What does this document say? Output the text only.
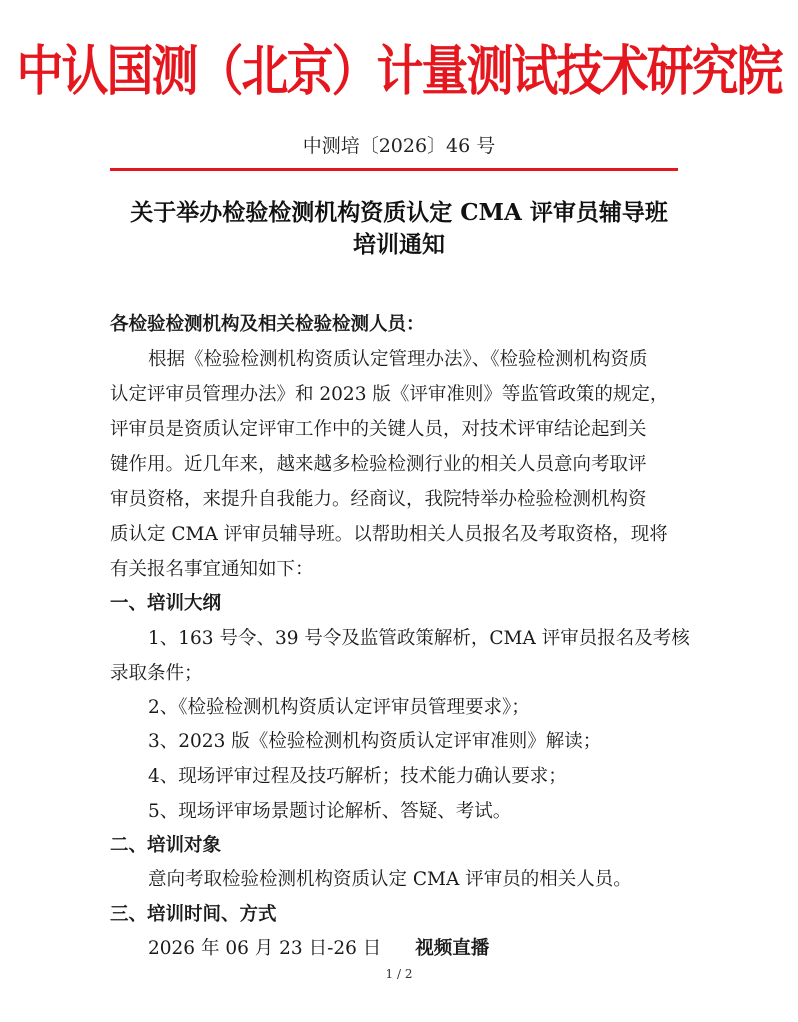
中认国测（北京）计量测试技术研究院
中测培〔2026〕46 号
关于举办检验检测机构资质认定 CMA 评审员辅导班
培训通知
各检验检测机构及相关检验检测人员：
根据《检验检测机构资质认定管理办法》、《检验检测机构资质
认定评审员管理办法》和 2023 版《评审准则》等监管政策的规定，
评审员是资质认定评审工作中的关键人员，对技术评审结论起到关
键作用。近几年来，越来越多检验检测行业的相关人员意向考取评
审员资格，来提升自我能力。经商议，我院特举办检验检测机构资
质认定 CMA 评审员辅导班。以帮助相关人员报名及考取资格，现将
有关报名事宜通知如下：
一、培训大纲
1、163 号令、39 号令及监管政策解析，CMA 评审员报名及考核
录取条件；
2、《检验检测机构资质认定评审员管理要求》；
3、2023 版《检验检测机构资质认定评审准则》解读；
4、现场评审过程及技巧解析；技术能力确认要求；
5、现场评审场景题讨论解析、答疑、考试。
二、培训对象
意向考取检验检测机构资质认定 CMA 评审员的相关人员。
三、培训时间、方式
2026 年 06 月 23 日-26 日 视频直播
1 / 2
